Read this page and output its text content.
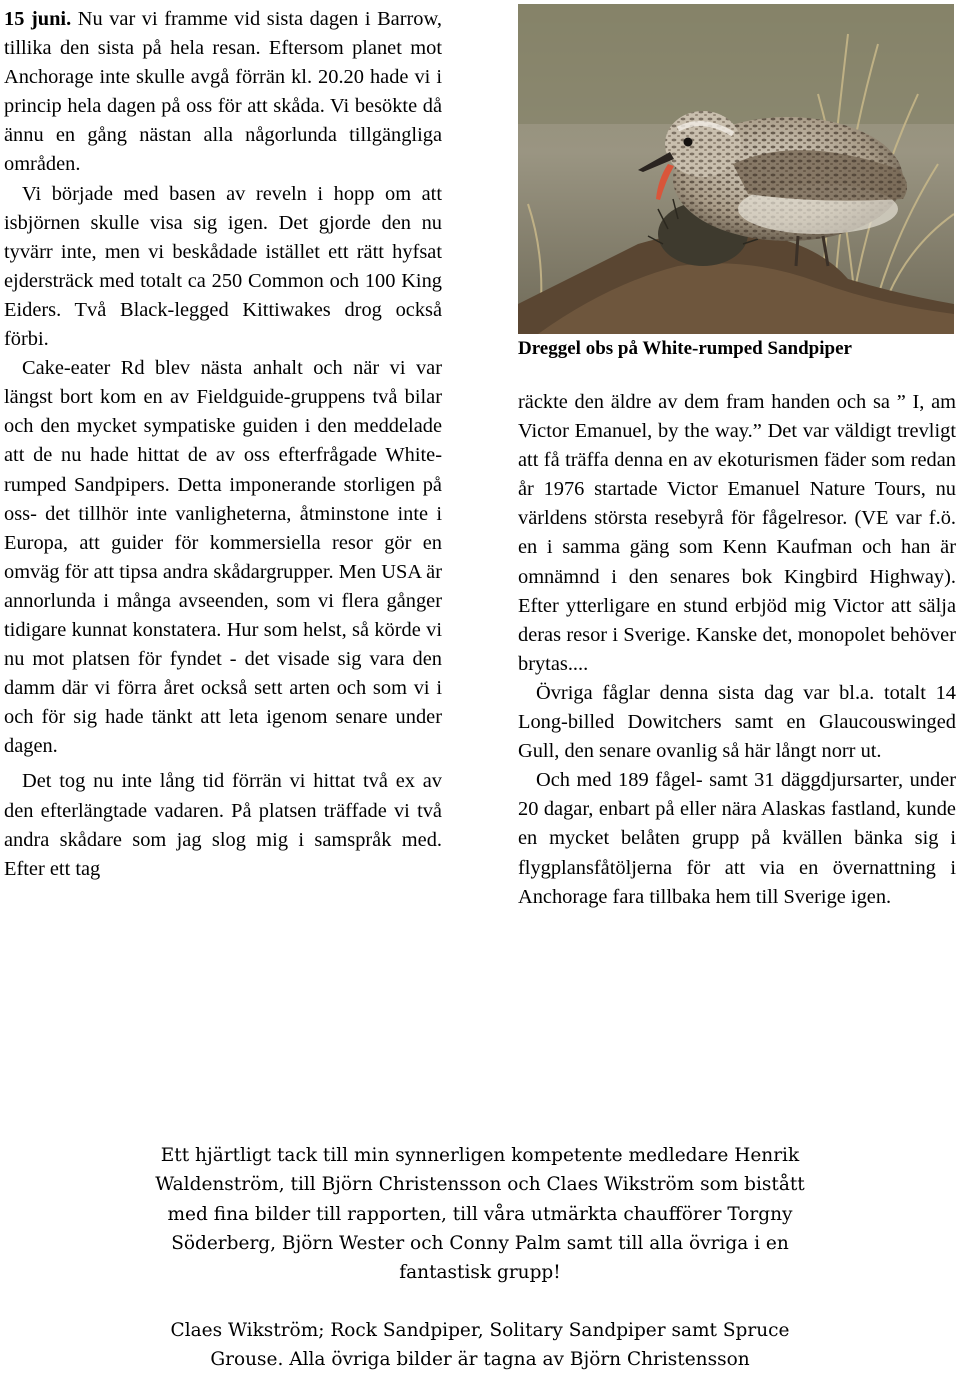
15 juni. Nu var vi framme vid sista dagen i Barrow, tillika den sista på hela resan. Eftersom planet mot Anchorage inte skulle avgå förrän kl. 20.20 hade vi i princip hela dagen på oss för att skåda. Vi besökte då ännu en gång nästan alla någorlunda tillgängliga områden.

Vi började med basen av reveln i hopp om att isbjörnen skulle visa sig igen. Det gjorde den nu tyvärr inte, men vi beskådade istället ett rätt hyfsat ejdersträck med totalt ca 250 Common och 100 King Eiders. Två Black-legged Kittiwakes drog också förbi.

Cake-eater Rd blev nästa anhalt och när vi var längst bort kom en av Fieldguide-gruppens två bilar och den mycket sympatiske guiden i den meddelade att de nu hade hittat de av oss efterfrågade White-rumped Sandpipers. Detta imponerande storligen på oss- det tillhör inte vanligheterna, åtminstone inte i Europa, att guider för kommersiella resor gör en omväg för att tipsa andra skådargrupper. Men USA är annorlunda i många avseenden, som vi flera gånger tidigare kunnat konstatera. Hur som helst, så körde vi nu mot platsen för fyndet - det visade sig vara den damm där vi förra året också sett arten och som vi i och för sig hade tänkt att leta igenom senare under dagen.

Det tog nu inte lång tid förrän vi hittat två ex av den efterlängtade vadaren. På platsen träffade vi två andra skådare som jag slog mig i samspråk med. Efter ett tag

Dreggel obs på White-rumped Sandpiper

räckte den äldre av dem fram handen och sa ” I, am Victor Emanuel, by the way.” Det var väldigt trevligt att få träffa denna en av ekoturismen fäder som redan år 1976 startade Victor Emanuel Nature Tours, nu världens största resebyrå för fågelresor. (VE var f.ö. en i samma gäng som Kenn Kaufman och han är omnämnd i den senares bok Kingbird Highway). Efter ytterligare en stund erbjöd mig Victor att sälja deras resor i Sverige. Kanske det, monopolet behöver brytas....

Övriga fåglar denna sista dag var bl.a. totalt 14 Long-billed Dowitchers samt en Glaucouswinged Gull, den senare ovanlig så här långt norr ut.

Och med 189 fågel- samt 31 däggdjursarter, under 20 dagar, enbart på eller nära Alaskas fastland, kunde en mycket belåten grupp på kvällen bänka sig i flygplansfåtöljerna för att via en övernattning i Anchorage fara tillbaka hem till Sverige igen.

Ett hjärtligt tack till min synnerligen kompetente medledare Henrik

Waldenström, till Björn Christensson och Claes Wikström som bistått

med fina bilder till rapporten, till våra utmärkta chaufförer Torgny

Söderberg, Björn Wester och Conny Palm samt till alla övriga i en

fantastisk grupp!

Claes Wikström; Rock Sandpiper, Solitary Sandpiper samt Spruce

Grouse. Alla övriga bilder är tagna av Björn Christensson
